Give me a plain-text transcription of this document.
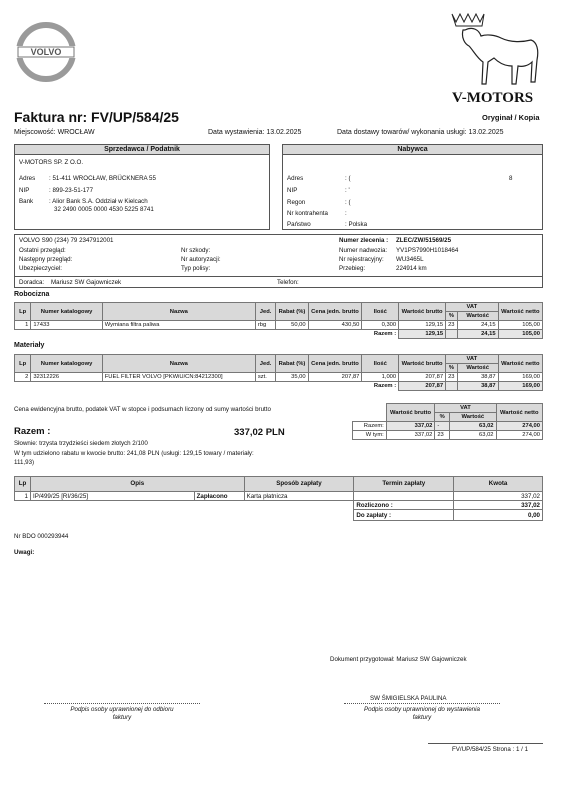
VOLVO
V-MOTORS
Faktura nr: FV/UP/584/25	Oryginał / Kopia
Miejscowość: WROCŁAW	Data wystawienia: 13.02.2025	Data dostawy towarów/ wykonania usługi: 13.02.2025
Sprzedawca / Podatnik
V-MOTORS SP. Z O.O.
Adres : 51-411 WROCŁAW, BRÜCKNERA 55
NIP	: 899-23-51-177
Bank	: Alior Bank S.A. Oddział w Kielcach
32 2490 0005 0000 4530 5225 8741
Nabywca
Adres	: (	8
NIP	: '
Regon	: (
Nr kontrahenta	:
Państwo	: Polska
VOLVO S90 (234) 79 2347912001
Ostatni przegląd:
Następny przegląd:
Ubezpieczyciel:
Nr szkody:
Nr autoryzacji:
Typ polisy:
Numer zlecenia : ZLEC/ZW/51569/25
Numer nadwozia: YV1PS7990H1018464
Nr rejestracyjny: WU3465L
Przebieg:	224914 km
Doradca: Mariusz SW Gajowniczek	Telefon:
Robocizna
Lp	Numer katalogowy	Nazwa	Jed.	Rabat (%)	Cena jedn. brutto	Ilość	Wartość brutto	VAT		Wartość netto
								%	Wartość	
1	17433	Wymiana filtra paliwa	rbg	50,00	430,50	0,300	129,15	23	24,15	105,00
Razem :							129,15		24,15	105,00
Materiały
Lp	Numer katalogowy	Nazwa	Jed.	Rabat (%)	Cena jedn. brutto	Ilość	Wartość brutto	VAT		Wartość netto
								%	Wartość	
2	32312226	FUEL FILTER VOLVO [PKWiU/CN:84212300]	szt.	35,00	207,87	1,000	207,87	23	38,87	169,00
Razem :							207,87		38,87	169,00
Cena ewidencyjna brutto, podatek VAT w stopce i podsumach liczony od sumy wartości brutto
		Wartość brutto	VAT		Wartość netto
		%	Wartość	
Razem:	337,02	-	63,02	274,00
W tym:	337,02	23	63,02	274,00
Razem :	337,02 PLN
Słownie: trzysta trzydzieści siedem złotych 2/100
W tym udzielono rabatu w kwocie brutto: 241,08 PLN (usługi: 129,15 towary / materiały:
111,93)
Lp	Opis		Sposób zapłaty	Termin zapłaty	Kwota
1	IP/499/25 [RI/36/25]	Zapłacono	Karta płatnicza		337,02
				Rozliczono :	337,02
				Do zapłaty :	0,00
Nr BDO 000293944
Uwagi:
Dokument przygotował: Mariusz SW Gajowniczek
SW ŚMIGIELSKA PAULINA
Podpis osoby uprawnionej do wystawienia
faktury
Podpis osoby uprawnionej do odbioru
faktury
FV/UP/584/25 Strona : 1 / 1
